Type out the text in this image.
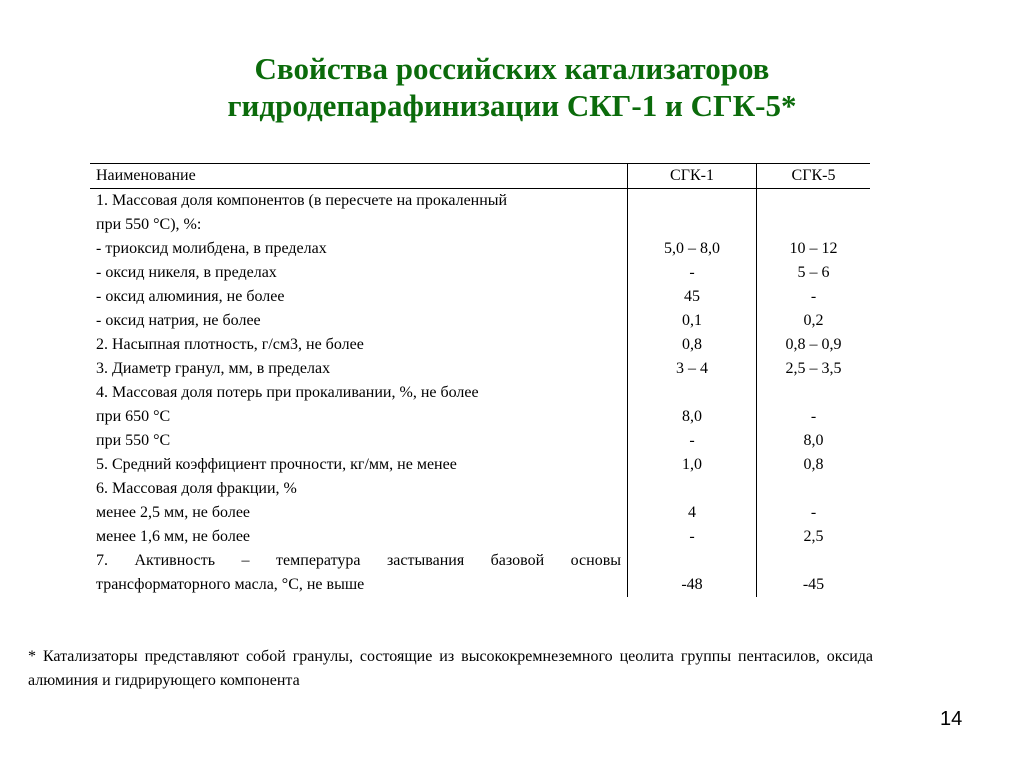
Свойства российских катализаторов
гидродепарафинизации СКГ-1 и СГК-5*
Наименование	СГК-1	СГК-5
1. Массовая доля компонентов (в пересчете на прокаленный		
при 550 °С), %:		
- триоксид молибдена, в пределах	5,0 – 8,0	10 – 12
- оксид никеля, в пределах	-	5 – 6
- оксид алюминия, не более	45	-
- оксид натрия, не более	0,1	0,2
2. Насыпная плотность, г/см3, не более	0,8	0,8 – 0,9
3. Диаметр гранул, мм, в пределах	3 – 4	2,5 – 3,5
4. Массовая доля потерь при прокаливании, %, не более		
при 650 °С	8,0	-
при 550 °С	-	8,0
5. Средний коэффициент прочности, кг/мм, не менее	1,0	0,8
6. Массовая доля фракции, %		
менее 2,5 мм, не более	4	-
менее 1,6 мм, не более	-	2,5
7. Активность – температура застывания базовой основы		
трансформаторного масла, °С, не выше	-48	-45
* Катализаторы представляют собой гранулы, состоящие из высококремнеземного цеолита группы пентасилов, оксида алюминия и гидрирующего компонента
14
